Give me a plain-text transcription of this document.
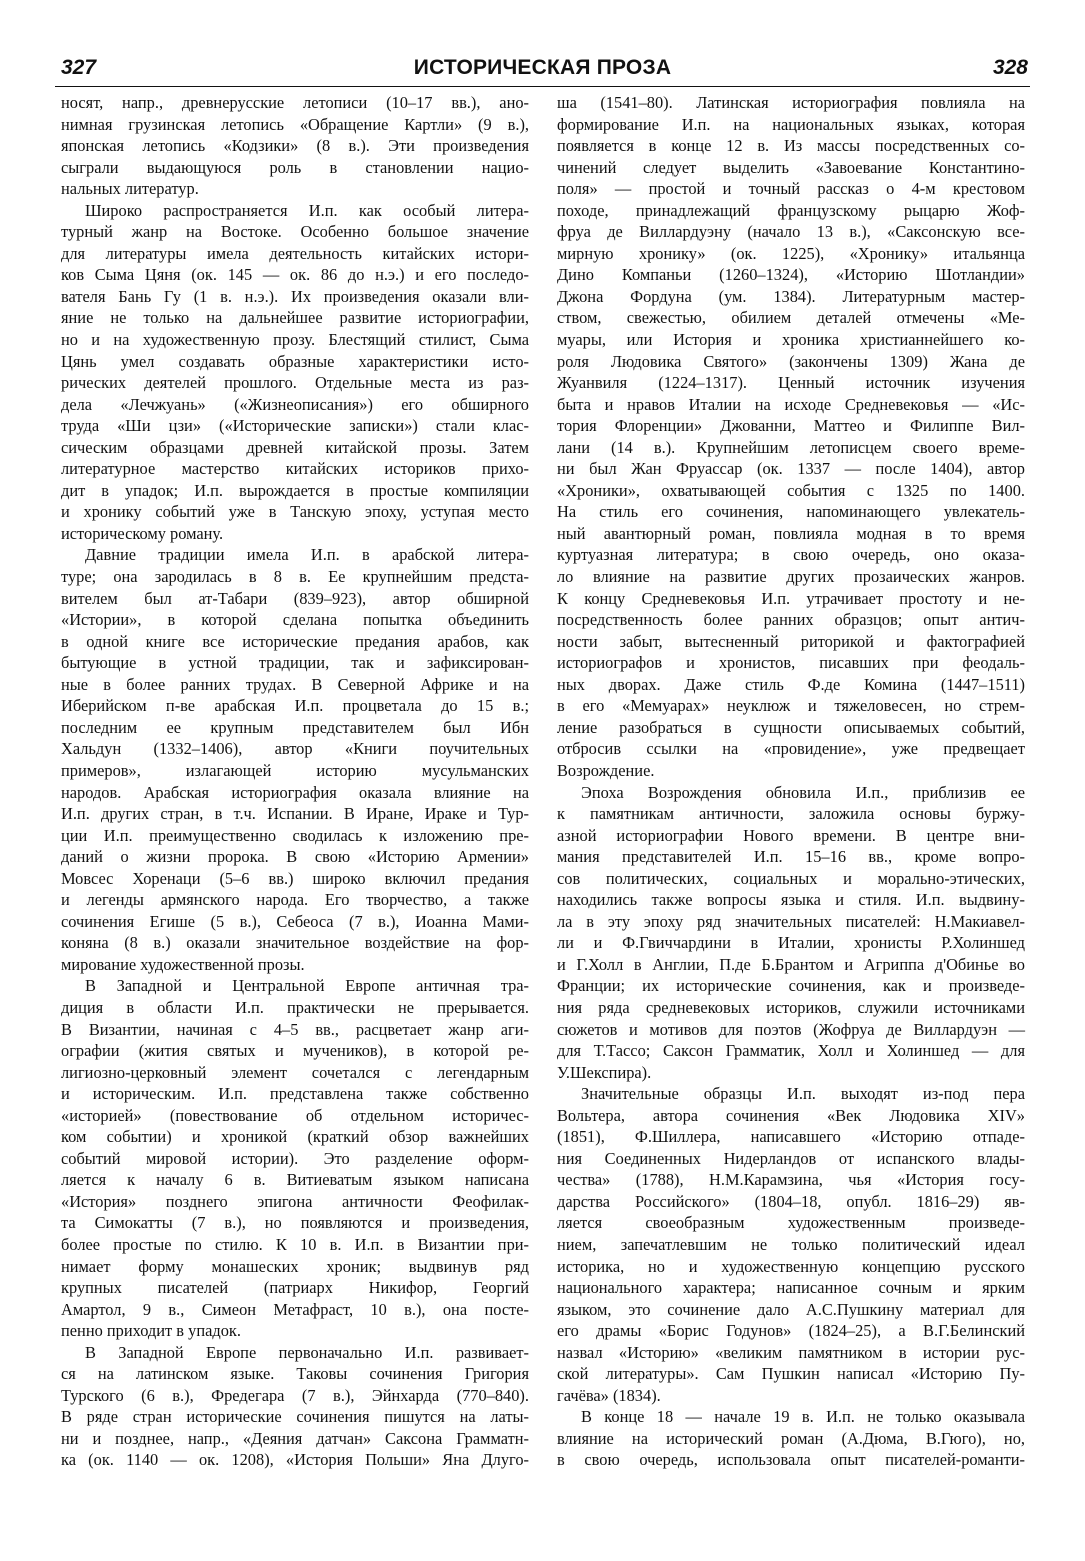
327	ИСТОРИЧЕСКАЯ ПРОЗА	328
носят, напр., древнерусские летописи (10–17 вв.), ано-
нимная грузинская летопись «Обращение Картли» (9 в.),
японская летопись «Кодзики» (8 в.). Эти произведения
сыграли выдающуюся роль в становлении нацио-
нальных литератур.
Широко распространяется И.п. как особый литера-
турный жанр на Востоке. Особенно большое значение
для литературы имела деятельность китайских истори-
ков Сыма Цяня (ок. 145 — ок. 86 до н.э.) и его последо-
вателя Бань Гу (1 в. н.э.). Их произведения оказали вли-
яние не только на дальнейшее развитие историографии,
но и на художественную прозу. Блестящий стилист, Сыма
Цянь умел создавать образные характеристики исто-
рических деятелей прошлого. Отдельные места из раз-
дела «Лечжуань» («Жизнеописания») его обширного
труда «Ши цзи» («Исторические записки») стали клас-
сическим образцами древней китайской прозы. Затем
литературное мастерство китайских историков прихо-
дит в упадок; И.п. вырождается в простые компиляции
и хронику событий уже в Танскую эпоху, уступая место
историческому роману.
Давние традиции имела И.п. в арабской литера-
туре; она зародилась в 8 в. Ее крупнейшим предста-
вителем был ат-Табари (839–923), автор обширной
«Истории», в которой сделана попытка объединить
в одной книге все исторические предания арабов, как
бытующие в устной традиции, так и зафиксирован-
ные в более ранних трудах. В Северной Африке и на
Иберийском п-ве арабская И.п. процветала до 15 в.;
последним ее крупным представителем был Ибн
Хальдун (1332–1406), автор «Книги поучительных
примеров», излагающей историю мусульманских
народов. Арабская историография оказала влияние на
И.п. других стран, в т.ч. Испании. В Иране, Ираке и Тур-
ции И.п. преимущественно сводилась к изложению пре-
даний о жизни пророка. В свою «Историю Армении»
Мовсес Хоренаци (5–6 вв.) широко включил предания
и легенды армянского народа. Его творчество, а также
сочинения Егише (5 в.), Себеоса (7 в.), Иоанна Мами-
коняна (8 в.) оказали значительное воздействие на фор-
мирование художественной прозы.
В Западной и Центральной Европе античная тра-
диция в области И.п. практически не прерывается.
В Византии, начиная с 4–5 вв., расцветает жанр аги-
ографии (жития святых и мучеников), в которой ре-
лигиозно-церковный элемент сочетался с легендарным
и историческим. И.п. представлена также собственно
«историей» (повествование об отдельном историчес-
ком событии) и хроникой (краткий обзор важнейших
событий мировой истории). Это разделение оформ-
ляется к началу 6 в. Витиеватым языком написана
«История» позднего эпигона античности Феофилак-
та Симокатты (7 в.), но появляются и произведения,
более простые по стилю. К 10 в. И.п. в Византии при-
нимает форму монашеских хроник; выдвинув ряд
крупных писателей (патриарх Никифор, Георгий
Амартол, 9 в., Симеон Метафраст, 10 в.), она посте-
пенно приходит в упадок.
В Западной Европе первоначально И.п. развивает-
ся на латинском языке. Таковы сочинения Григория
Турского (6 в.), Фредегара (7 в.), Эйнхарда (770–840).
В ряде стран исторические сочинения пишутся на латы-
ни и позднее, напр., «Деяния датчан» Саксона Грамматн-
ка (ок. 1140 — ок. 1208), «История Польши» Яна Длуго-
ша (1541–80). Латинская историография повлияла на
формирование И.п. на национальных языках, которая
появляется в конце 12 в. Из массы посредственных со-
чинений следует выделить «Завоевание Константино-
поля» — простой и точный рассказ о 4-м крестовом
походе, принадлежащий французскому рыцарю Жоф-
фруа де Виллардуэну (начало 13 в.), «Саксонскую все-
мирную хронику» (ок. 1225), «Хронику» итальянца
Дино Компаньи (1260–1324), «Историю Шотландии»
Джона Фордуна (ум. 1384). Литературным мастер-
ством, свежестью, обилием деталей отмечены «Ме-
муары, или История и хроника христианнейшего ко-
роля Людовика Святого» (закончены 1309) Жана де
Жуанвиля (1224–1317). Ценный источник изучения
быта и нравов Италии на исходе Средневековья — «Ис-
тория Флоренции» Джованни, Маттео и Филиппе Вил-
лани (14 в.). Крупнейшим летописцем своего време-
ни был Жан Фруассар (ок. 1337 — после 1404), автор
«Хроники», охватывающей события с 1325 по 1400.
На стиль его сочинения, напоминающего увлекатель-
ный авантюрный роман, повлияла модная в то время
куртуазная литература; в свою очередь, оно оказа-
ло влияние на развитие других прозаических жанров.
К концу Средневековья И.п. утрачивает простоту и не-
посредственность более ранних образцов; опыт антич-
ности забыт, вытесненный риторикой и фактографией
историографов и хронистов, писавших при феодаль-
ных дворах. Даже стиль Ф.де Комина (1447–1511)
в его «Мемуарах» неуклюж и тяжеловесен, но стрем-
ление разобраться в сущности описываемых событий,
отбросив ссылки на «провидение», уже предвещает
Возрождение.
Эпоха Возрождения обновила И.п., приблизив ее
к памятникам античности, заложила основы буржу-
азной историографии Нового времени. В центре вни-
мания представителей И.п. 15–16 вв., кроме вопро-
сов политических, социальных и морально-этических,
находились также вопросы языка и стиля. И.п. выдвину-
ла в эту эпоху ряд значительных писателей: Н.Макиавел-
ли и Ф.Гвиччардини в Италии, хронисты Р.Холиншед
и Г.Холл в Англии, П.де Б.Брантом и Агриппа д'Обинье во
Франции; их исторические сочинения, как и произведе-
ния ряда средневековых историков, служили источниками
сюжетов и мотивов для поэтов (Жофруа де Виллардуэн —
для Т.Тассо; Саксон Грамматик, Холл и Холиншед — для
У.Шекспира).
Значительные образцы И.п. выходят из-под пера
Вольтера, автора сочинения «Век Людовика XIV»
(1851), Ф.Шиллера, написавшего «Историю отпаде-
ния Соединенных Нидерландов от испанского влады-
чества» (1788), Н.М.Карамзина, чья «История госу-
дарства Российского» (1804–18, опубл. 1816–29) яв-
ляется своеобразным художественным произведе-
нием, запечатлевшим не только политический идеал
историка, но и художественную концепцию русского
национального характера; написанное сочным и ярким
языком, это сочинение дало А.С.Пушкину материал для
его драмы «Борис Годунов» (1824–25), а В.Г.Белинский
назвал «Историю» «великим памятником в истории рус-
ской литературы». Сам Пушкин написал «Историю Пу-
гачёва» (1834).
В конце 18 — начале 19 в. И.п. не только оказывала
влияние на исторический роман (А.Дюма, В.Гюго), но,
в свою очередь, использовала опыт писателей-романти-
